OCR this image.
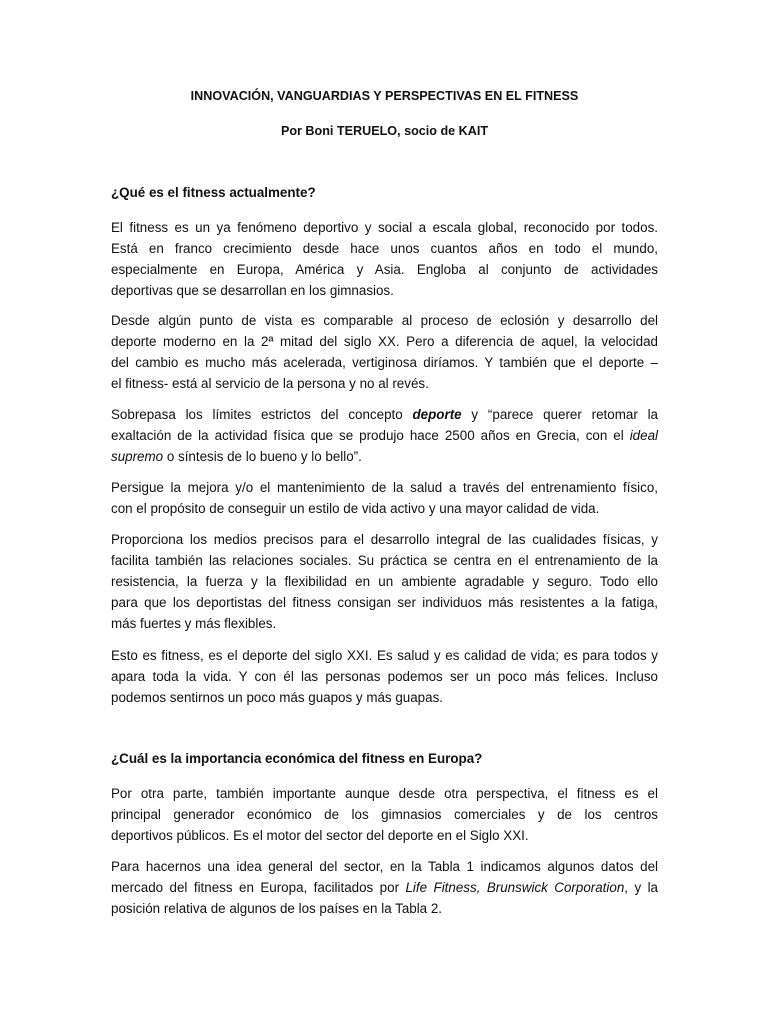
INNOVACIÓN, VANGUARDIAS Y PERSPECTIVAS EN EL FITNESS
Por Boni TERUELO, socio de KAIT
¿Qué es el fitness actualmente?
El fitness es un ya fenómeno deportivo y social a escala global, reconocido por todos.
Está en franco crecimiento desde hace unos cuantos años en todo el mundo,
especialmente en Europa, América y Asia. Engloba al conjunto de actividades
deportivas que se desarrollan en los gimnasios.
Desde algún punto de vista es comparable al proceso de eclosión y desarrollo del
deporte moderno en la 2ª mitad del siglo XX. Pero a diferencia de aquel, la velocidad
del cambio es mucho más acelerada, vertiginosa diríamos. Y también que el deporte –
el fitness- está al servicio de la persona y no al revés.
Sobrepasa los límites estrictos del concepto deporte y “parece querer retomar la
exaltación de la actividad física que se produjo hace 2500 años en Grecia, con el ideal
supremo o síntesis de lo bueno y lo bello”.
Persigue la mejora y/o el mantenimiento de la salud a través del entrenamiento físico,
con el propósito de conseguir un estilo de vida activo y una mayor calidad de vida.
Proporciona los medios precisos para el desarrollo integral de las cualidades físicas, y
facilita también las relaciones sociales. Su práctica se centra en el entrenamiento de la
resistencia, la fuerza y la flexibilidad en un ambiente agradable y seguro. Todo ello
para que los deportistas del fitness consigan ser individuos más resistentes a la fatiga,
más fuertes y más flexibles.
Esto es fitness, es el deporte del siglo XXI. Es salud y es calidad de vida; es para todos y
apara toda la vida. Y con él las personas podemos ser un poco más felices. Incluso
podemos sentirnos un poco más guapos y más guapas.
¿Cuál es la importancia económica del fitness en Europa?
Por otra parte, también importante aunque desde otra perspectiva, el fitness es el
principal generador económico de los gimnasios comerciales y de los centros
deportivos públicos. Es el motor del sector del deporte en el Siglo XXI.
Para hacernos una idea general del sector, en la Tabla 1 indicamos algunos datos del
mercado del fitness en Europa, facilitados por Life Fitness, Brunswick Corporation, y la
posición relativa de algunos de los países en la Tabla 2.
